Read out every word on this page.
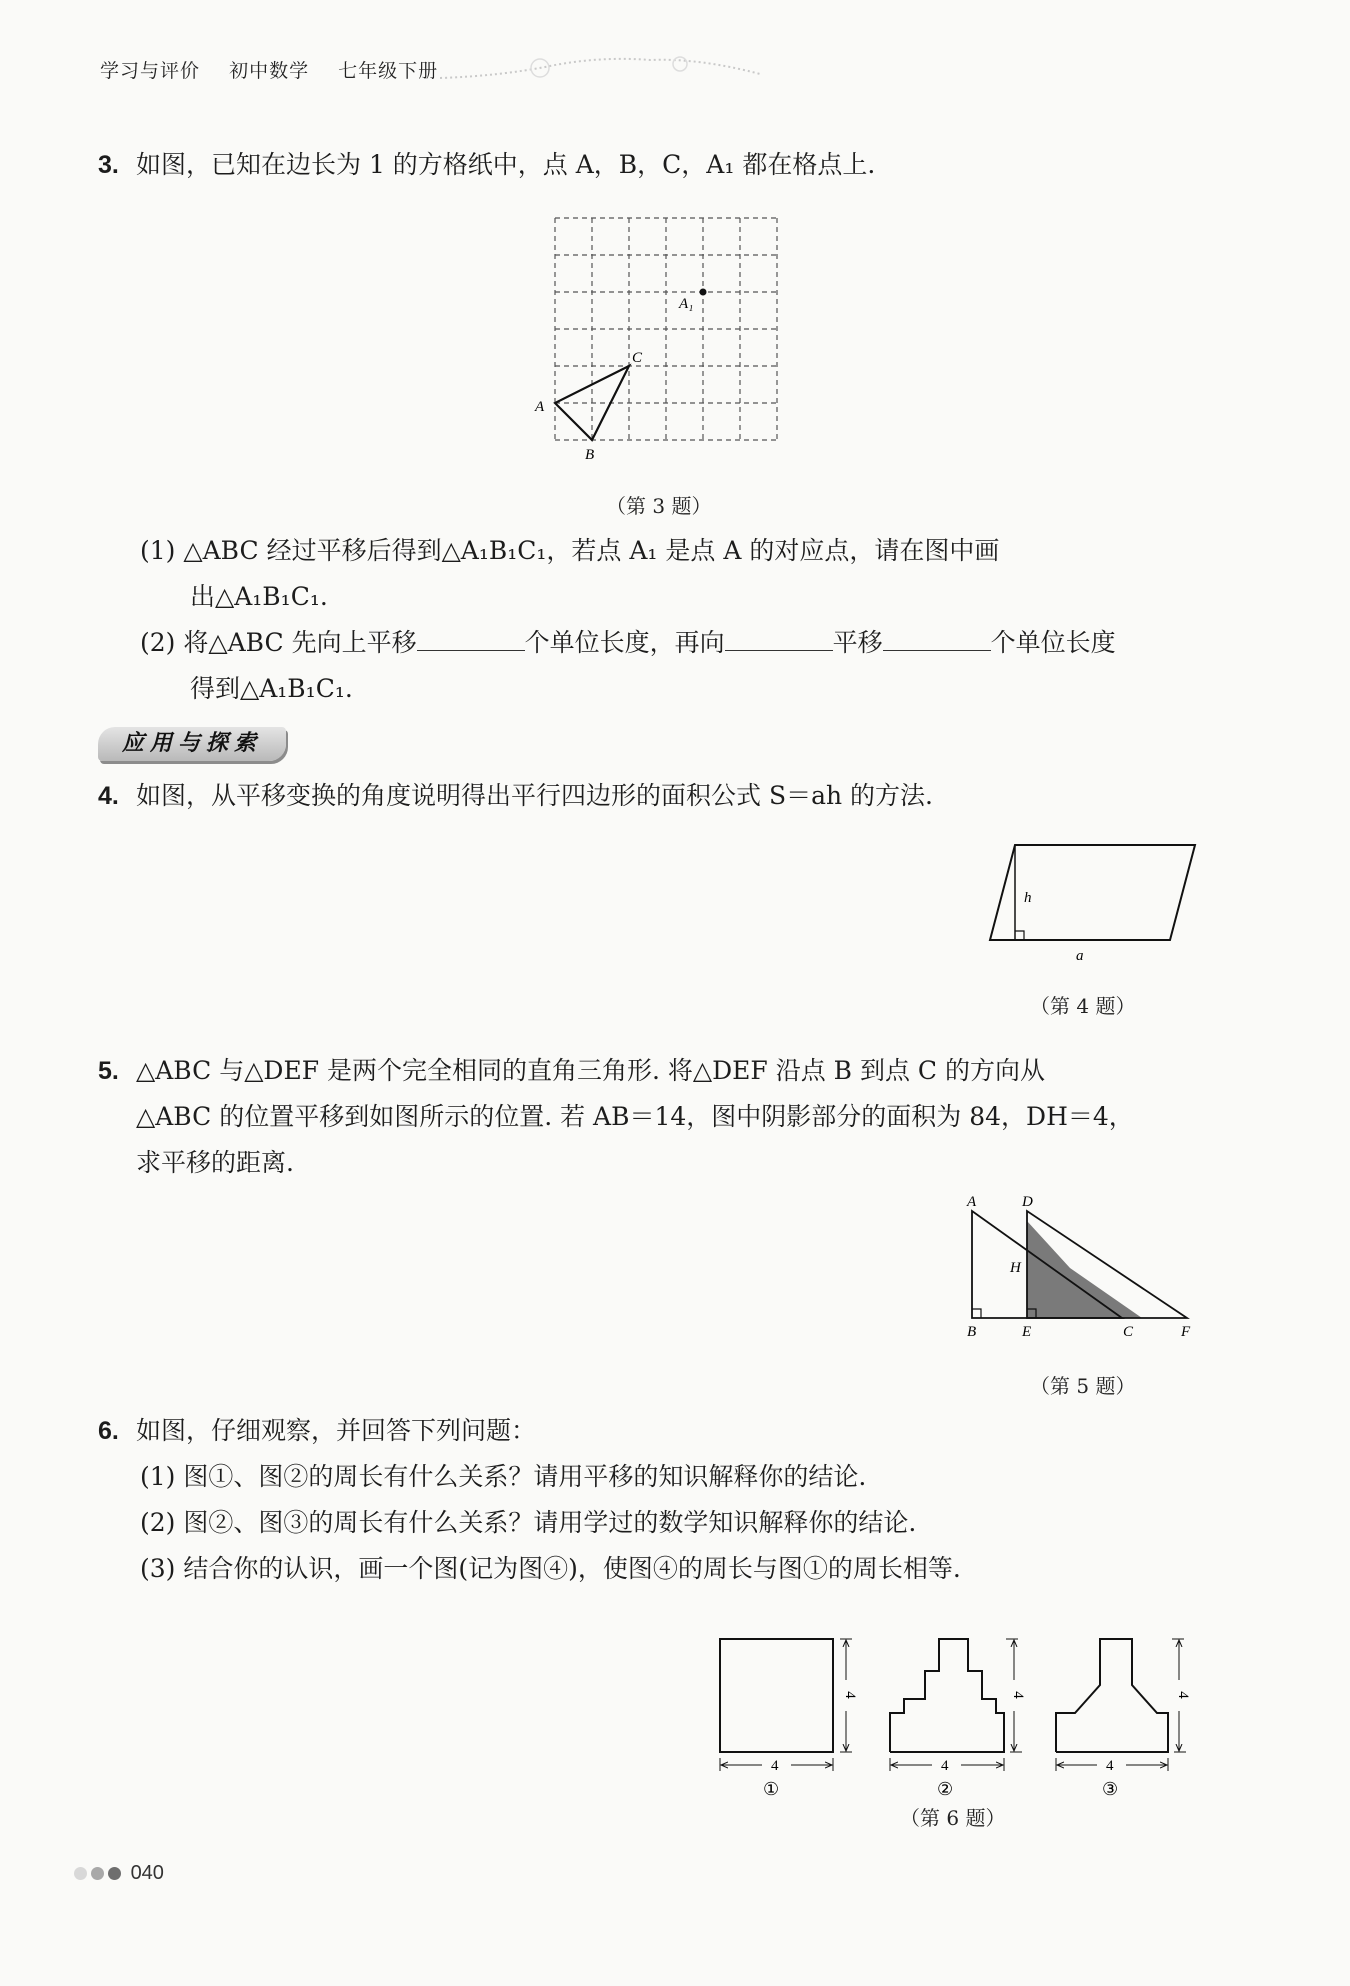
学习与评价 初中数学 七年级下册
3. 如图，已知在边长为 1 的方格纸中，点 A，B，C，A₁ 都在格点上.
A₁
A
B
C
（第 3 题）
(1) △ABC 经过平移后得到△A₁B₁C₁，若点 A₁ 是点 A 的对应点，请在图中画
出△A₁B₁C₁.
(2) 将△ABC 先向上平移	个单位长度，再向	平移	个单位长度
得到△A₁B₁C₁.
应用与探索
4. 如图，从平移变换的角度说明得出平行四边形的面积公式 S＝ah 的方法.
h
a
（第 4 题）
5. △ABC 与△DEF 是两个完全相同的直角三角形. 将△DEF 沿点 B 到点 C 的方向从
△ABC 的位置平移到如图所示的位置. 若 AB＝14，图中阴影部分的面积为 84，DH＝4，
求平移的距离.
A	D
H
B	E	C	F
（第 5 题）
6. 如图，仔细观察，并回答下列问题：
(1) 图①、图②的周长有什么关系？请用平移的知识解释你的结论.
(2) 图②、图③的周长有什么关系？请用学过的数学知识解释你的结论.
(3) 结合你的认识，画一个图(记为图④)，使图④的周长与图①的周长相等.
4
4
①
4
4
②
4
4
③
（第 6 题）
040
